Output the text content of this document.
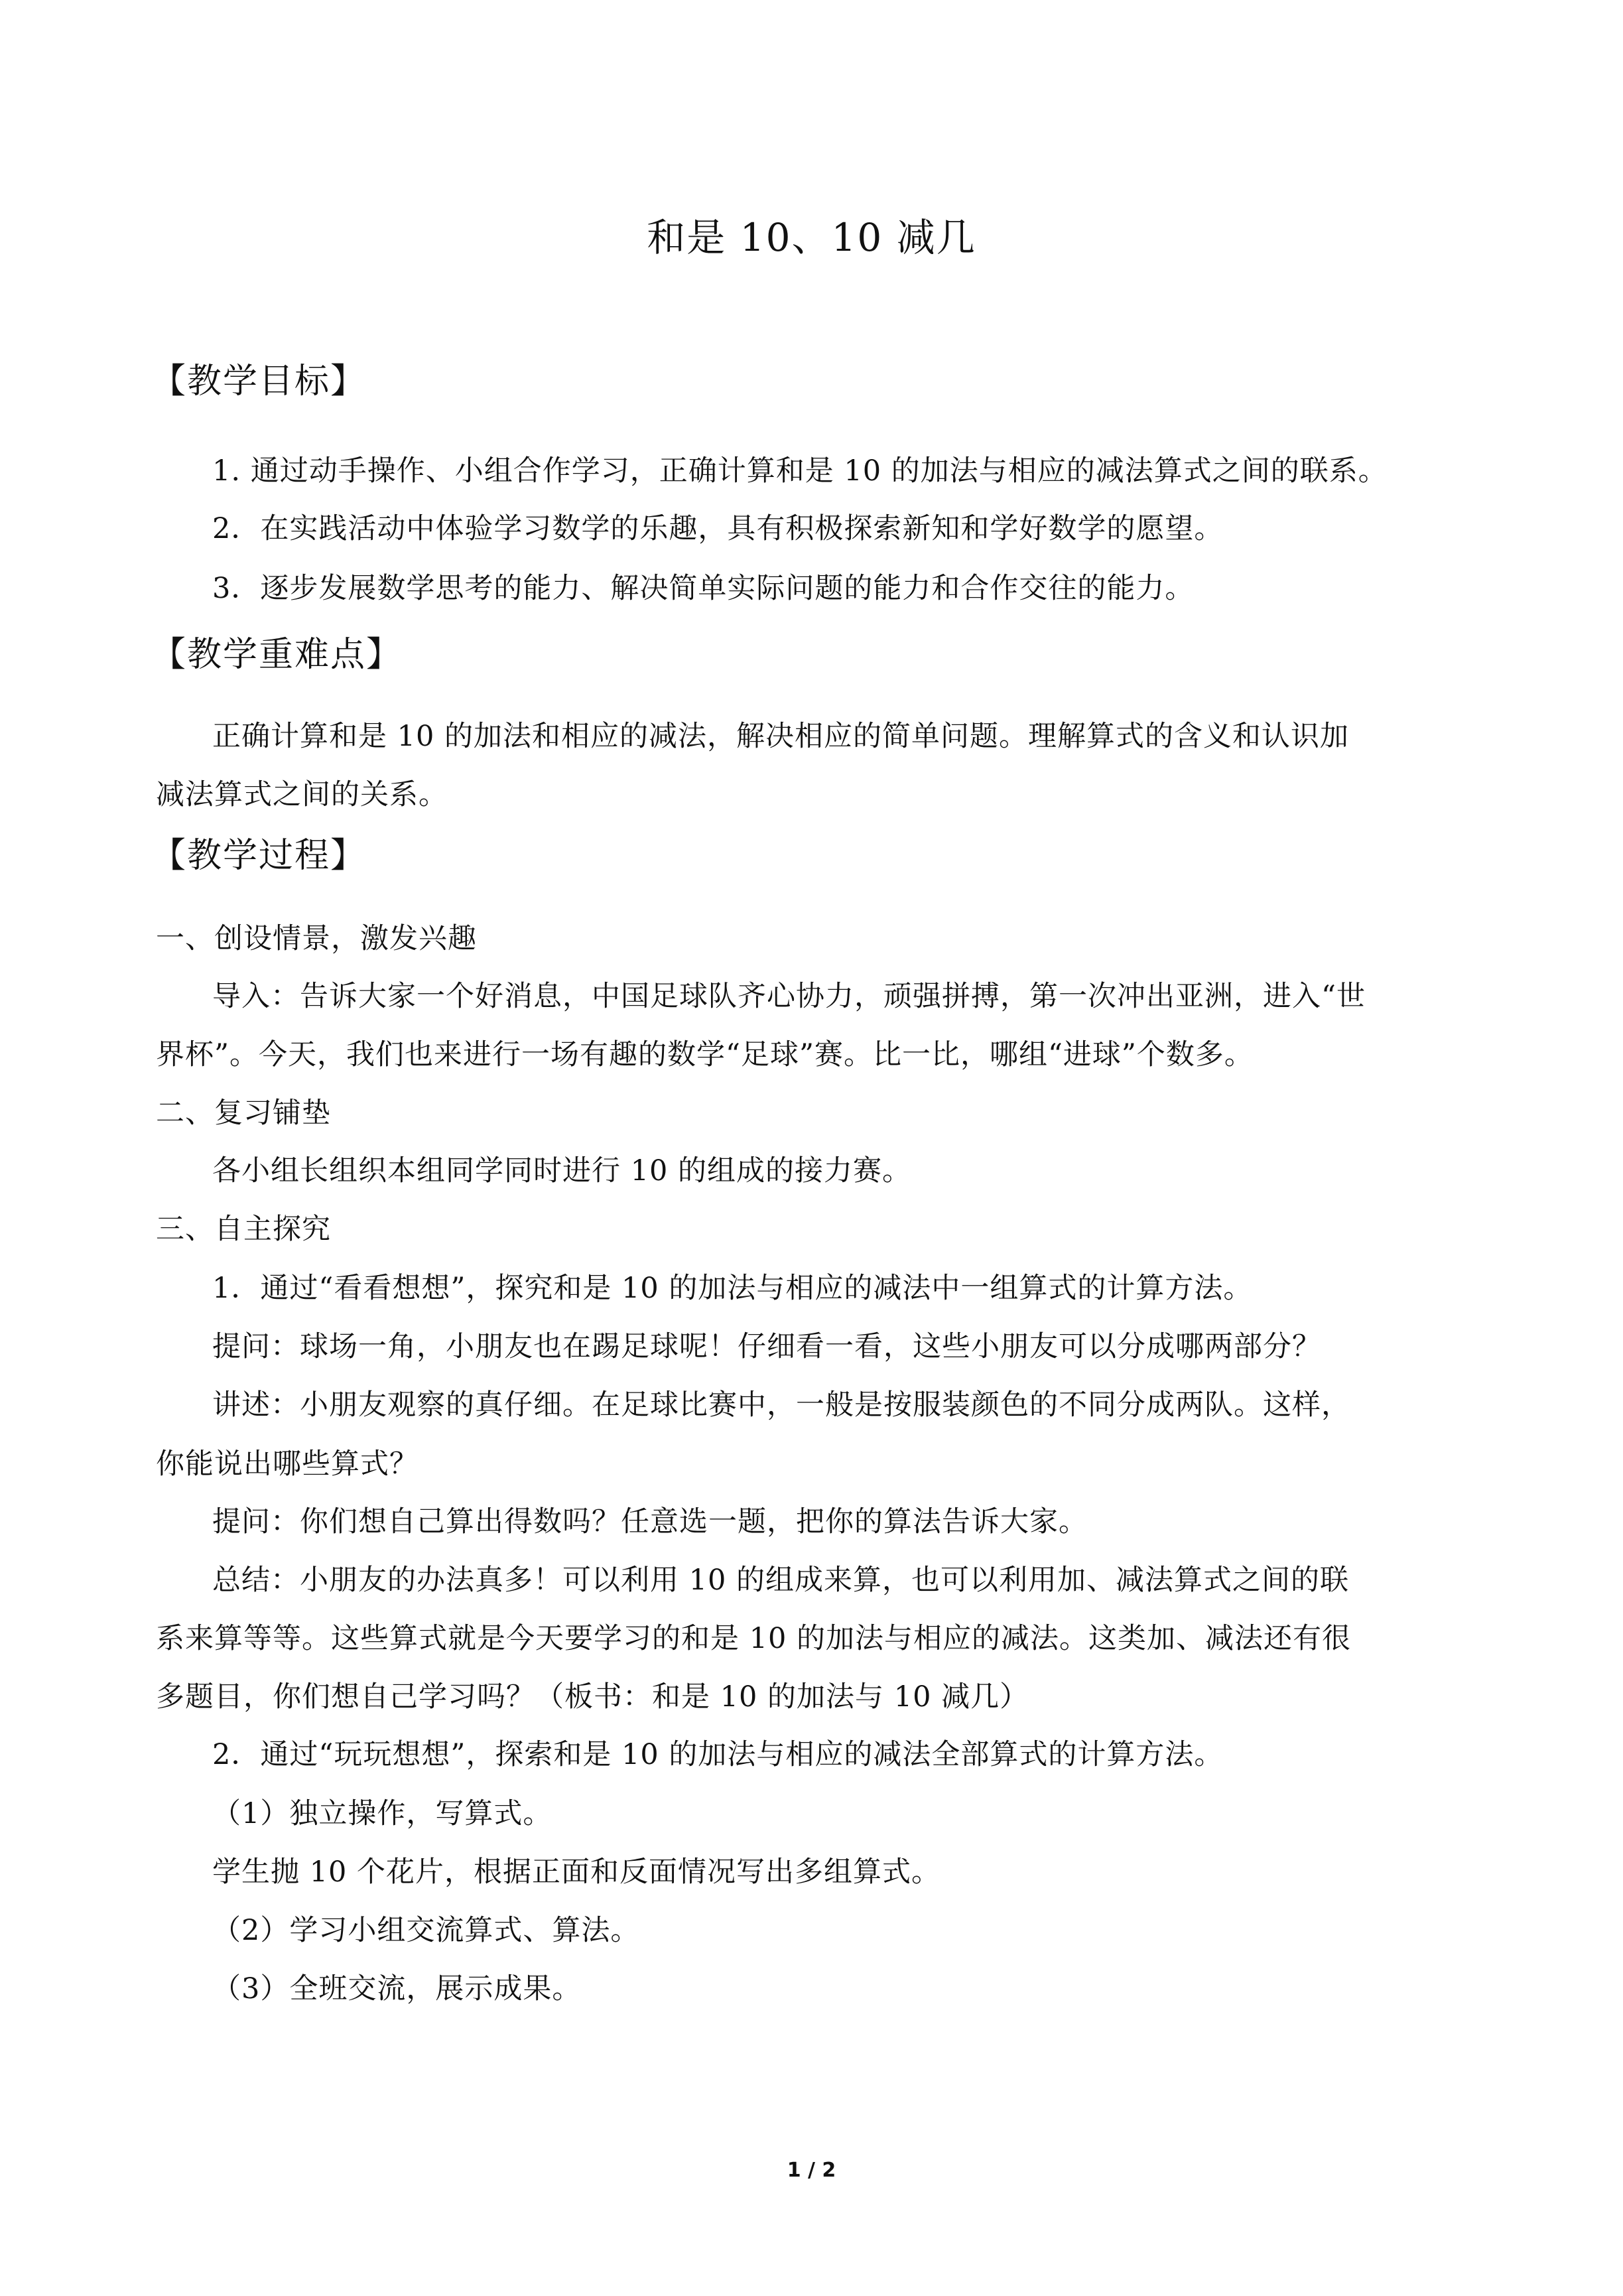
和是 10、10 减几
【教学目标】
1. 通过动手操作、小组合作学习，正确计算和是 10 的加法与相应的减法算式之间的联系。
2．在实践活动中体验学习数学的乐趣，具有积极探索新知和学好数学的愿望。
3．逐步发展数学思考的能力、解决简单实际问题的能力和合作交往的能力。
【教学重难点】
正确计算和是 10 的加法和相应的减法，解决相应的简单问题。理解算式的含义和认识加
减法算式之间的关系。
【教学过程】
一、创设情景，激发兴趣
导入：告诉大家一个好消息，中国足球队齐心协力，顽强拼搏，第一次冲出亚洲，进入“世
界杯”。今天，我们也来进行一场有趣的数学“足球”赛。比一比，哪组“进球”个数多。
二、复习铺垫
各小组长组织本组同学同时进行 10 的组成的接力赛。
三、自主探究
1．通过“看看想想”，探究和是 10 的加法与相应的减法中一组算式的计算方法。
提问：球场一角，小朋友也在踢足球呢！仔细看一看，这些小朋友可以分成哪两部分？
讲述：小朋友观察的真仔细。在足球比赛中，一般是按服装颜色的不同分成两队。这样，
你能说出哪些算式？
提问：你们想自己算出得数吗？任意选一题，把你的算法告诉大家。
总结：小朋友的办法真多！可以利用 10 的组成来算，也可以利用加、减法算式之间的联
系来算等等。这些算式就是今天要学习的和是 10 的加法与相应的减法。这类加、减法还有很
多题目，你们想自己学习吗？（板书：和是 10 的加法与 10 减几）
2．通过“玩玩想想”，探索和是 10 的加法与相应的减法全部算式的计算方法。
（1）独立操作，写算式。
学生抛 10 个花片，根据正面和反面情况写出多组算式。
（2）学习小组交流算式、算法。
（3）全班交流，展示成果。
1 / 2
